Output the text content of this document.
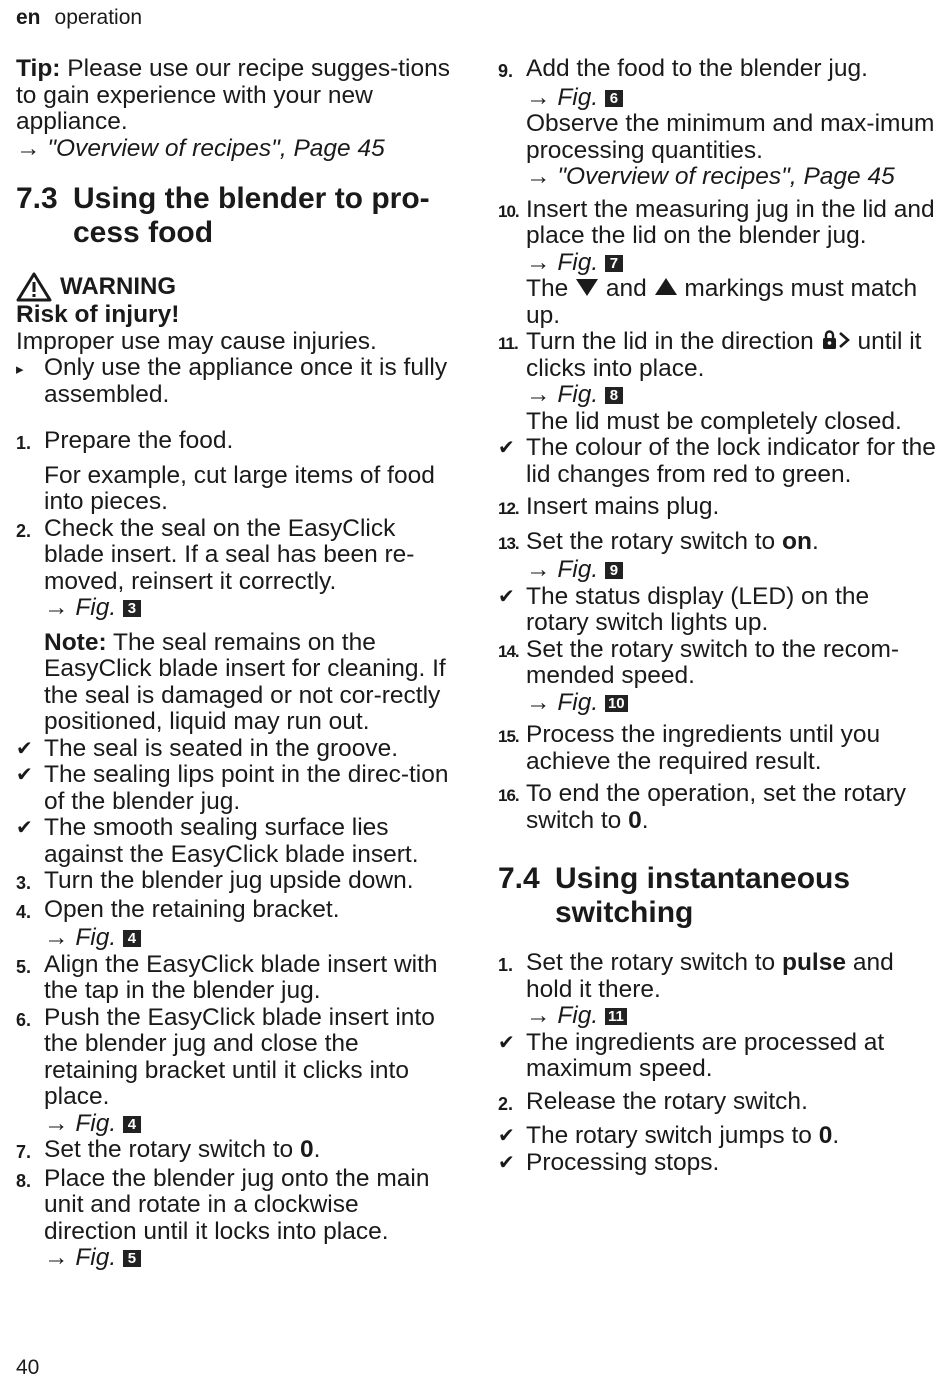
en operation
Tip: Please use our recipe sugges-tions to gain experience with your new appliance.
→ "Overview of recipes", Page 45
7.3 Using the blender to pro-cess food
WARNING
Risk of injury!
Improper use may cause injuries.
▸ Only use the appliance once it is fully assembled.
1. Prepare the food.
For example, cut large items of food into pieces.
2. Check the seal on the EasyClick blade insert. If a seal has been re-moved, reinsert it correctly.
→ Fig. 3
Note: The seal remains on the EasyClick blade insert for cleaning. If the seal is damaged or not cor-rectly positioned, liquid may run out.
✔ The seal is seated in the groove.
✔ The sealing lips point in the direc-tion of the blender jug.
✔ The smooth sealing surface lies against the EasyClick blade insert.
3. Turn the blender jug upside down.
4. Open the retaining bracket.
→ Fig. 4
5. Align the EasyClick blade insert with the tap in the blender jug.
6. Push the EasyClick blade insert into the blender jug and close the retaining bracket until it clicks into place.
→ Fig. 4
7. Set the rotary switch to 0.
8. Place the blender jug onto the main unit and rotate in a clockwise direction until it locks into place.
→ Fig. 5
9. Add the food to the blender jug.
→ Fig. 6
Observe the minimum and max-imum processing quantities.
→ "Overview of recipes", Page 45
10. Insert the measuring jug in the lid and place the lid on the blender jug.
→ Fig. 7
The and markings must match up.
11. Turn the lid in the direction until it clicks into place.
→ Fig. 8
The lid must be completely closed.
✔ The colour of the lock indicator for the lid changes from red to green.
12. Insert mains plug.
13. Set the rotary switch to on.
→ Fig. 9
✔ The status display (LED) on the rotary switch lights up.
14. Set the rotary switch to the recom-mended speed.
→ Fig. 10
15. Process the ingredients until you achieve the required result.
16. To end the operation, set the rotary switch to 0.
7.4 Using instantaneous switching
1. Set the rotary switch to pulse and hold it there.
→ Fig. 11
✔ The ingredients are processed at maximum speed.
2. Release the rotary switch.
✔ The rotary switch jumps to 0.
✔ Processing stops.
40
